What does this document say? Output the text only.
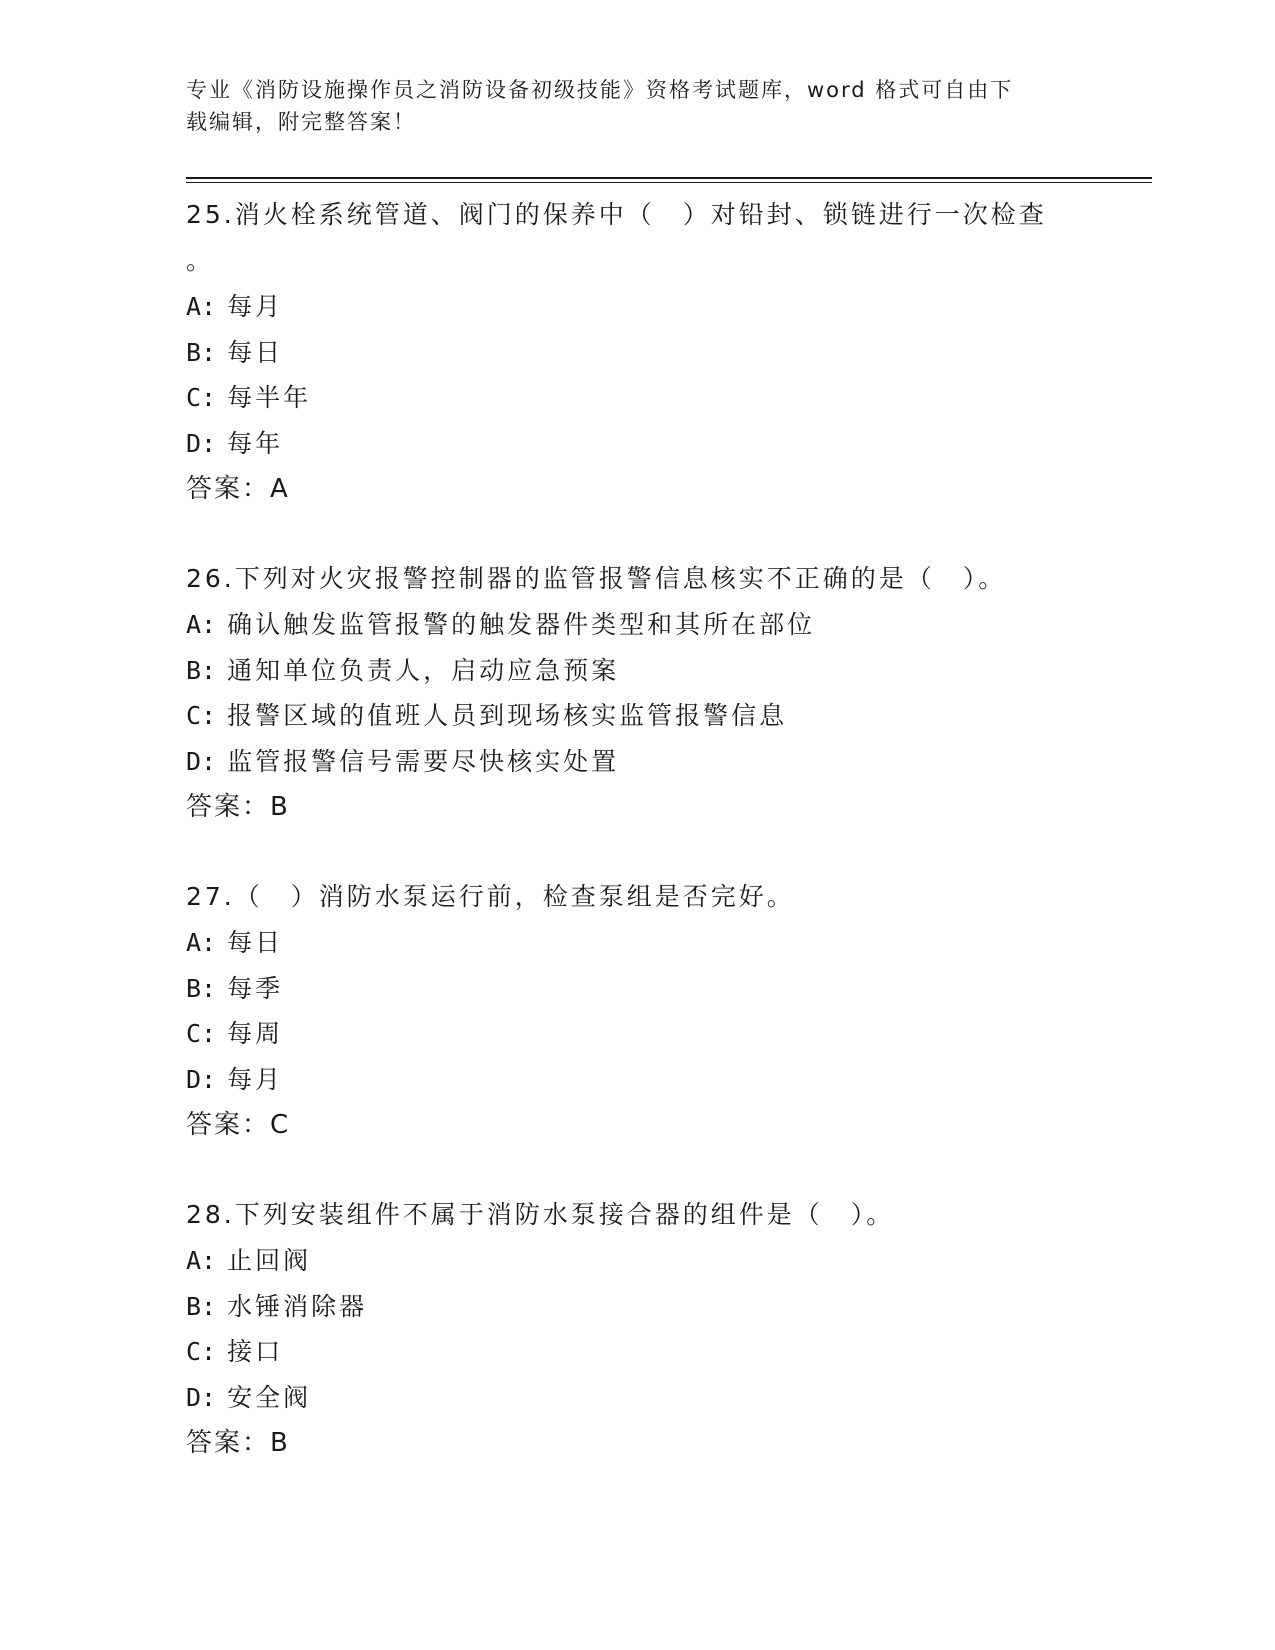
专业《消防设施操作员之消防设备初级技能》资格考试题库，word 格式可自由下
载编辑，附完整答案！
25.消火栓系统管道、阀门的保养中（　）对铅封、锁链进行一次检查
。
A: 每月
B: 每日
C: 每半年
D: 每年
答案：A
26.下列对火灾报警控制器的监管报警信息核实不正确的是（　）。
A: 确认触发监管报警的触发器件类型和其所在部位
B: 通知单位负责人，启动应急预案
C: 报警区域的值班人员到现场核实监管报警信息
D: 监管报警信号需要尽快核实处置
答案：B
27.（　）消防水泵运行前，检查泵组是否完好。
A: 每日
B: 每季
C: 每周
D: 每月
答案：C
28.下列安装组件不属于消防水泵接合器的组件是（　）。
A: 止回阀
B: 水锤消除器
C: 接口
D: 安全阀
答案：B
